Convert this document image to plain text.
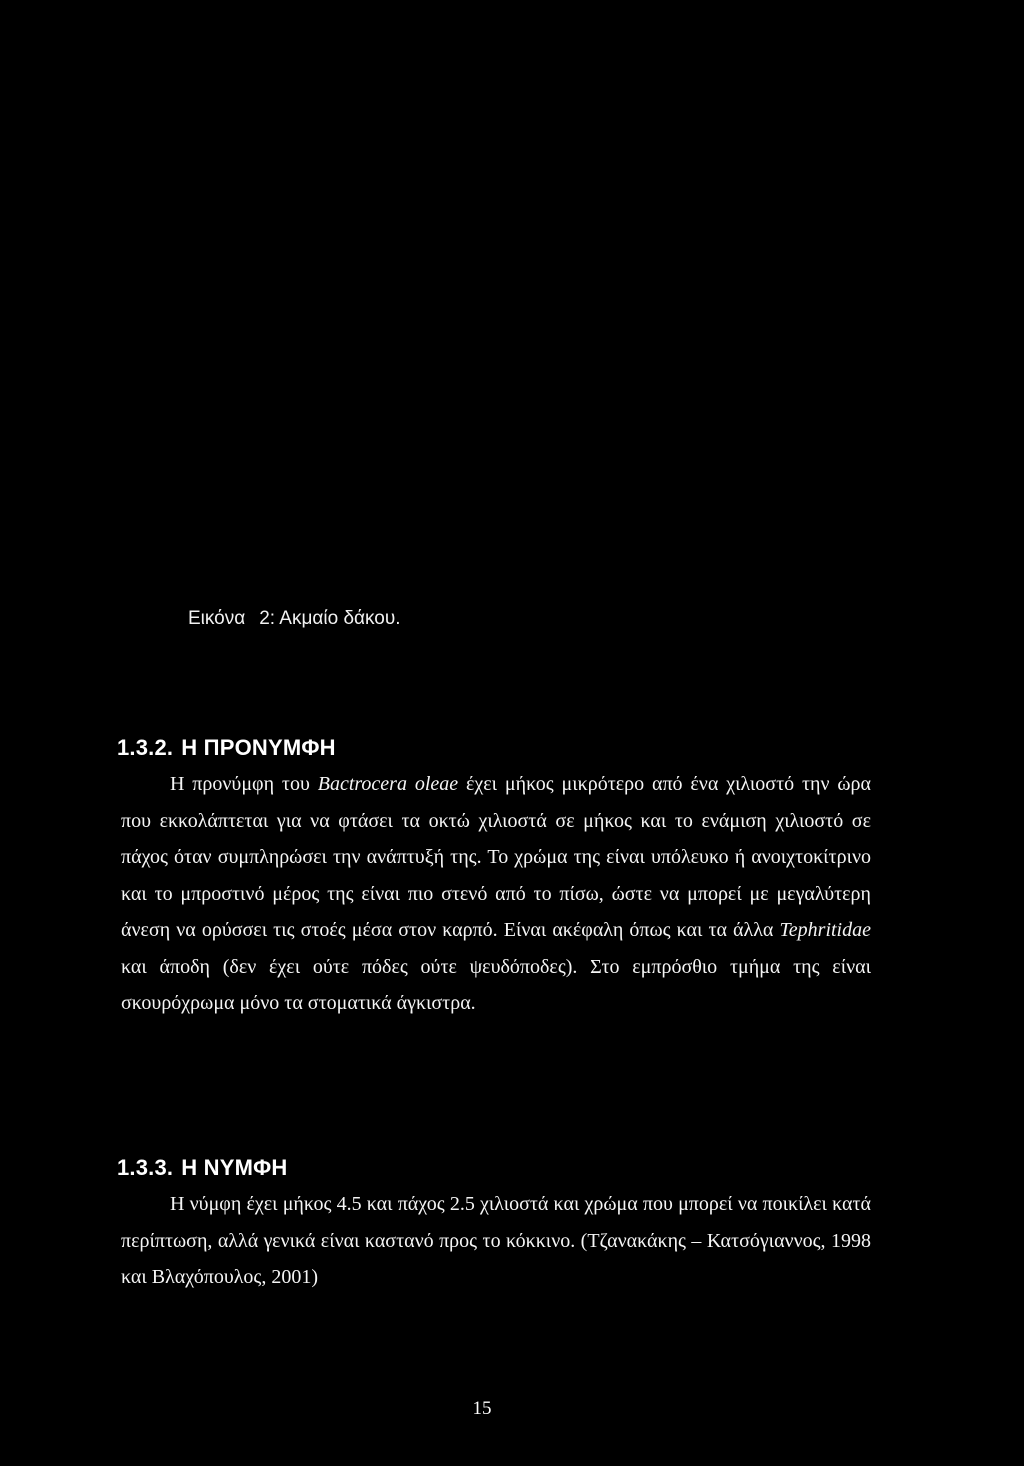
Εικόνα 2: Ακμαίο δάκου.
1.3.2. Η ΠΡΟΝΥΜΦΗ
Η προνύμφη του Bactrocera oleae έχει μήκος μικρότερο από ένα χιλιοστό την ώρα που εκκολάπτεται για να φτάσει τα οκτώ χιλιοστά σε μήκος και το ενάμιση χιλιοστό σε πάχος όταν συμπληρώσει την ανάπτυξή της. Το χρώμα της είναι υπόλευκο ή ανοιχτοκίτρινο και το μπροστινό μέρος της είναι πιο στενό από το πίσω, ώστε να μπορεί με μεγαλύτερη άνεση να ορύσσει τις στοές μέσα στον καρπό. Είναι ακέφαλη όπως και τα άλλα Tephritidae και άποδη (δεν έχει ούτε πόδες ούτε ψευδόποδες). Στο εμπρόσθιο τμήμα της είναι σκουρόχρωμα μόνο τα στοματικά άγκιστρα.
1.3.3. Η ΝΥΜΦΗ
Η νύμφη έχει μήκος 4.5 και πάχος 2.5 χιλιοστά και χρώμα που μπορεί να ποικίλει κατά περίπτωση, αλλά γενικά είναι καστανό προς το κόκκινο. (Τζανακάκης – Κατσόγιαννος, 1998 και Βλαχόπουλος, 2001)
15
